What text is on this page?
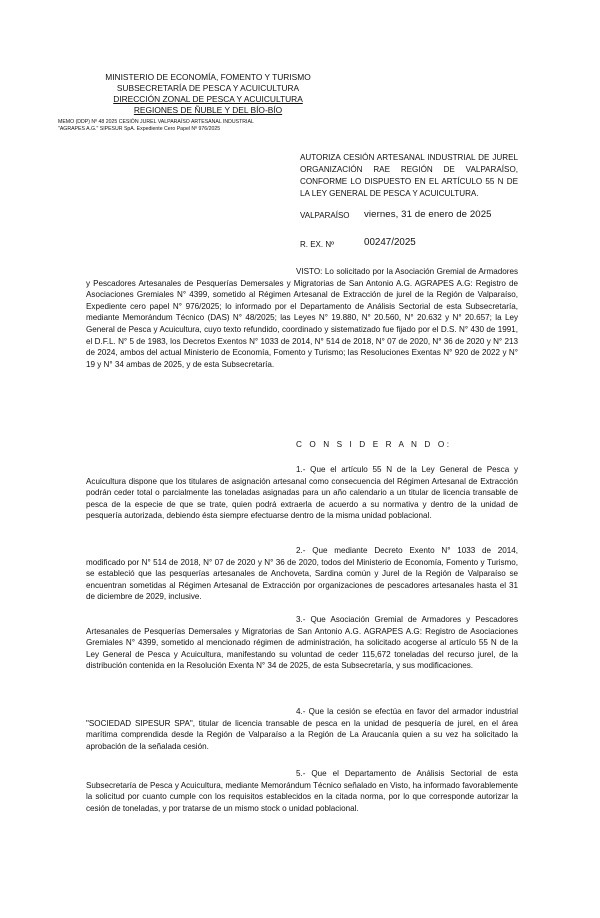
MINISTERIO DE ECONOMÍA, FOMENTO Y TURISMO
SUBSECRETARÍA DE PESCA Y ACUICULTURA
DIRECCIÓN ZONAL DE PESCA Y ACUICULTURA
REGIONES DE ÑUBLE Y DEL BÍO-BÍO
MEMO (DDP) Nº 48 2025 CESIÓN JUREL VALPARAÍSO ARTESANAL INDUSTRIAL
"AGRAPES A.G." SIPESUR SpA. Expediente Cero Papel Nº 976/2025
AUTORIZA CESIÓN ARTESANAL INDUSTRIAL DE JUREL ORGANIZACIÓN RAE REGIÓN DE VALPARAÍSO, CONFORME LO DISPUESTO EN EL ARTÍCULO 55 N DE LA LEY GENERAL DE PESCA Y ACUICULTURA.
VALPARAÍSO viernes, 31 de enero de 2025
R. EX. Nº	00247/2025

VISTO: Lo solicitado por la Asociación Gremial de Armadores y Pescadores Artesanales de Pesquerías Demersales y Migratorias de San Antonio A.G. AGRAPES A.G: Registro de Asociaciones Gremiales N° 4399, sometido al Régimen Artesanal de Extracción de jurel de la Región de Valparaíso, Expediente cero papel N° 976/2025; lo informado por el Departamento de Análisis Sectorial de esta Subsecretaría, mediante Memorándum Técnico (DAS) N° 48/2025; las Leyes N° 19.880, N° 20.560, N° 20.632 y N° 20.657; la Ley General de Pesca y Acuicultura, cuyo texto refundido, coordinado y sistematizado fue fijado por el D.S. N° 430 de 1991, el D.F.L. N° 5 de 1983, los Decretos Exentos N° 1033 de 2014, N° 514 de 2018, N° 07 de 2020, N° 36 de 2020 y N° 213 de 2024, ambos del actual Ministerio de Economía, Fomento y Turismo; las Resoluciones Exentas N° 920 de 2022 y N° 19 y N° 34 ambas de 2025, y de esta Subsecretaría.

C O N S I D E R A N D O:

1.- Que el artículo 55 N de la Ley General de Pesca y Acuicultura dispone que los titulares de asignación artesanal como consecuencia del Régimen Artesanal de Extracción podrán ceder total o parcialmente las toneladas asignadas para un año calendario a un titular de licencia transable de pesca de la especie de que se trate, quien podrá extraerla de acuerdo a su normativa y dentro de la unidad de pesquería autorizada, debiendo ésta siempre efectuarse dentro de la misma unidad poblacional.

2.- Que mediante Decreto Exento N° 1033 de 2014, modificado por N° 514 de 2018, N° 07 de 2020 y N° 36 de 2020, todos del Ministerio de Economía, Fomento y Turismo, se estableció que las pesquerías artesanales de Anchoveta, Sardina común y Jurel de la Región de Valparaíso se encuentran sometidas al Régimen Artesanal de Extracción por organizaciones de pescadores artesanales hasta el 31 de diciembre de 2029, inclusive.

3.- Que Asociación Gremial de Armadores y Pescadores Artesanales de Pesquerías Demersales y Migratorias de San Antonio A.G. AGRAPES A.G: Registro de Asociaciones Gremiales N° 4399, sometido al mencionado régimen de administración, ha solicitado acogerse al artículo 55 N de la Ley General de Pesca y Acuicultura, manifestando su voluntad de ceder 115,672 toneladas del recurso jurel, de la distribución contenida en la Resolución Exenta N° 34 de 2025, de esta Subsecretaría, y sus modificaciones.

4.- Que la cesión se efectúa en favor del armador industrial "SOCIEDAD SIPESUR SPA", titular de licencia transable de pesca en la unidad de pesquería de jurel, en el área marítima comprendida desde la Región de Valparaíso a la Región de La Araucanía quien a su vez ha solicitado la aprobación de la señalada cesión.

5.- Que el Departamento de Análisis Sectorial de esta Subsecretaría de Pesca y Acuicultura, mediante Memorándum Técnico señalado en Visto, ha informado favorablemente la solicitud por cuanto cumple con los requisitos establecidos en la citada norma, por lo que corresponde autorizar la cesión de toneladas, y por tratarse de un mismo stock o unidad poblacional.
